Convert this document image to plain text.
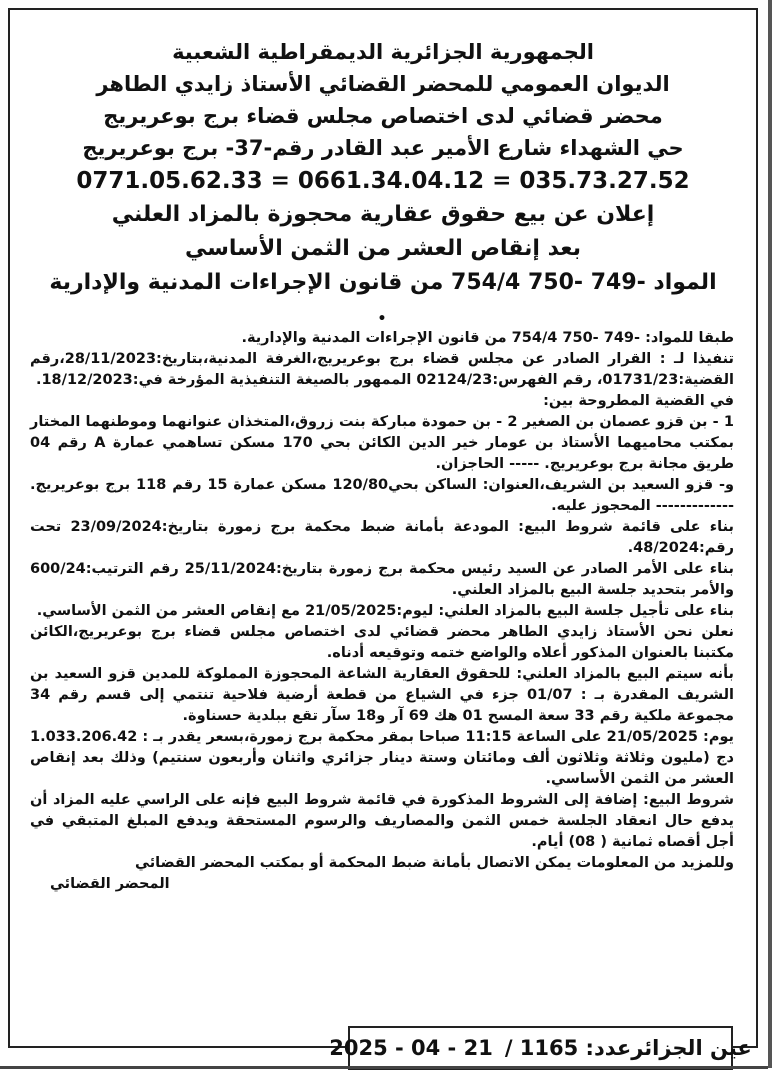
الجمهورية الجزائرية الديمقراطية الشعبية
الديوان العمومي للمحضر القضائي الأستاذ زايدي الطاهر
محضر قضائي لدى اختصاص مجلس قضاء برج بوعريريج
حي الشهداء شارع الأمير عبد القادر رقم-37- برج بوعريريج
0771.05.62.33 = 0661.34.04.12 = 035.73.27.52
إعلان عن بيع حقوق عقارية محجوزة بالمزاد العلني
بعد إنقاص العشر من الثمن الأساسي
المواد -749 -750 754/4 من قانون الإجراءات المدنية والإدارية

•

طبقا للمواد: -749 -750 754/4 من قانون الإجراءات المدنية والإدارية.

تنفيذا لـ : القرار الصادر عن مجلس قضاء برج بوعريريج،الغرفة المدنية،بتاريخ:28/11/2023،رقم القضية:01731/23، رقم الفهرس:02124/23 الممهور بالصيغة التنفيذية المؤرخة في:18/12/2023.

في القضية المطروحة بين:

1 - بن قزو عصمان بن الصغير 2 - بن حمودة مباركة بنت زروق،المتخذان عنوانهما وموطنهما المختار بمكتب محاميهما الأستاذ بن عومار خير الدين الكائن بحي 170 مسكن تساهمي عمارة A رقم 04 طريق مجانة برج بوعريريج. ----- الحاجزان.

و- قزو السعيد بن الشريف،العنوان: الساكن بحي120/80 مسكن عمارة 15 رقم 118 برج بوعريريج. ------------- المحجوز عليه.

بناء على قائمة شروط البيع: المودعة بأمانة ضبط محكمة برج زمورة بتاريخ:23/09/2024 تحت رقم:48/2024.

بناء على الأمر الصادر عن السيد رئيس محكمة برج زمورة بتاريخ:25/11/2024 رقم الترتيب:600/24 والأمر بتحديد جلسة البيع بالمزاد العلني.

بناء على تأجيل جلسة البيع بالمزاد العلني: ليوم:21/05/2025 مع إنقاص العشر من الثمن الأساسي.

نعلن نحن الأستاذ زايدي الطاهر محضر قضائي لدى اختصاص مجلس قضاء برج بوعريريج،الكائن مكتبنا بالعنوان المذكور أعلاه والواضع ختمه وتوقيعه أدناه.

بأنه سيتم البيع بالمزاد العلني: للحقوق العقارية الشاعة المحجوزة المملوكة للمدين قزو السعيد بن الشريف المقدرة بـ : 01/07 جزء في الشياع من قطعة أرضية فلاحية تنتمي إلى قسم رقم 34 مجموعة ملكية رقم 33 سعة المسح 01 هك 69 آر و18 سآر تقع ببلدية حسناوة.

يوم: 21/05/2025 على الساعة 11:15 صباحا بمقر محكمة برج زمورة،بسعر يقدر بـ : 1.033.206.42 دج (مليون وثلاثة وثلاثون ألف ومائتان وستة دينار جزائري واثنان وأربعون سنتيم) وذلك بعد إنقاص العشر من الثمن الأساسي.

شروط البيع: إضافة إلى الشروط المذكورة في قائمة شروط البيع فإنه على الراسي عليه المزاد أن يدفع حال انعقاد الجلسة خمس الثمن والمصاريف والرسوم المستحقة ويدفع المبلغ المتبقي في أجل أقصاه ثمانية ( 08) أيام.

وللمزيد من المعلومات يمكن الاتصال بأمانة ضبط المحكمة أو بمكتب المحضر القضائي

المحضر القضائي

2025 - 04 - 21 عين الجزائرعدد: 1165 /
